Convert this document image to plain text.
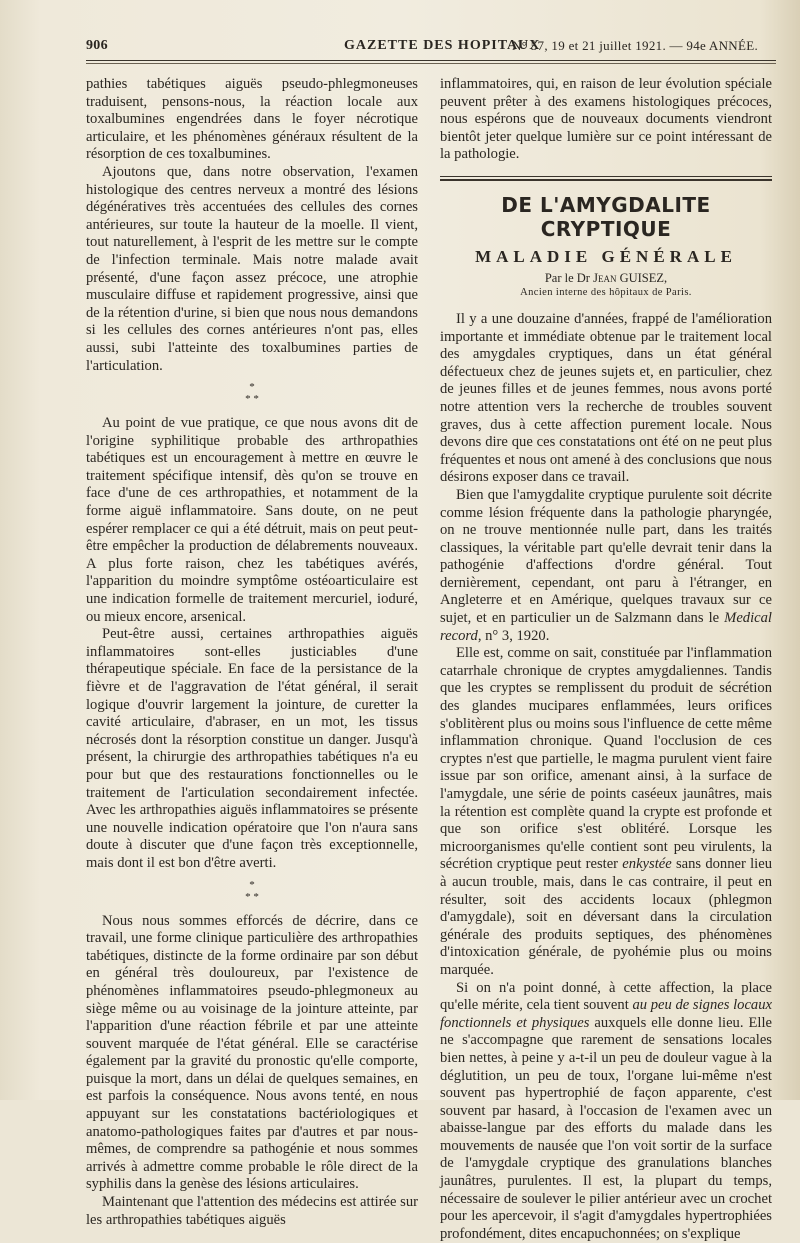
906	GAZETTE DES HOPITAUX
N° 57, 19 et 21 juillet 1921. — 94e ANNÉE.

pathies tabétiques aiguës pseudo-phlegmoneuses traduisent, pensons-nous, la réaction locale aux toxalbumines engendrées dans le foyer nécrotique articulaire, et les phénomènes généraux résultent de la résorption de ces toxalbumines.

Ajoutons que, dans notre observation, l'examen histologique des centres nerveux a montré des lésions dégénératives très accentuées des cellules des cornes antérieures, sur toute la hauteur de la moelle. Il vient, tout naturellement, à l'esprit de les mettre sur le compte de l'infection terminale. Mais notre malade avait présenté, d'une façon assez précoce, une atrophie musculaire diffuse et rapidement progressive, ainsi que de la rétention d'urine, si bien que nous nous demandons si les cellules des cornes antérieures n'ont pas, elles aussi, subi l'atteinte des toxalbumines parties de l'articulation.

*
* *

Au point de vue pratique, ce que nous avons dit de l'origine syphilitique probable des arthropathies tabétiques est un encouragement à mettre en œuvre le traitement spécifique intensif, dès qu'on se trouve en face d'une de ces arthropathies, et notamment de la forme aiguë inflammatoire. Sans doute, on ne peut espérer remplacer ce qui a été détruit, mais on peut peut-être empêcher la production de délabrements nouveaux. A plus forte raison, chez les tabétiques avérés, l'apparition du moindre symptôme ostéoarticulaire est une indication formelle de traitement mercuriel, ioduré, ou mieux encore, arsenical.

Peut-être aussi, certaines arthropathies aiguës inflammatoires sont-elles justiciables d'une thérapeutique spéciale. En face de la persistance de la fièvre et de l'aggravation de l'état général, il serait logique d'ouvrir largement la jointure, de curetter la cavité articulaire, d'abraser, en un mot, les tissus nécrosés dont la résorption constitue un danger. Jusqu'à présent, la chirurgie des arthropathies tabétiques n'a eu pour but que des restaurations fonctionnelles ou le traitement de l'articulation secondairement infectée. Avec les arthropathies aiguës inflammatoires se présente une nouvelle indication opératoire que l'on n'aura sans doute à discuter que d'une façon très exceptionnelle, mais dont il est bon d'être averti.

*
* *

Nous nous sommes efforcés de décrire, dans ce travail, une forme clinique particulière des arthropathies tabétiques, distincte de la forme ordinaire par son début en général très douloureux, par l'existence de phénomènes inflammatoires pseudo-phlegmoneux au siège même ou au voisinage de la jointure atteinte, par l'apparition d'une réaction fébrile et par une atteinte souvent marquée de l'état général. Elle se caractérise également par la gravité du pronostic qu'elle comporte, puisque la mort, dans un délai de quelques semaines, en est parfois la conséquence. Nous avons tenté, en nous appuyant sur les constatations bactériologiques et anatomo-pathologiques faites par d'autres et par nous-mêmes, de comprendre sa pathogénie et nous sommes arrivés à admettre comme probable le rôle direct de la syphilis dans la genèse des lésions articulaires.

Maintenant que l'attention des médecins est attirée sur les arthropathies tabétiques aiguës

inflammatoires, qui, en raison de leur évolution spéciale peuvent prêter à des examens histologiques précoces, nous espérons que de nouveaux documents viendront bientôt jeter quelque lumière sur ce point intéressant de la pathologie.

DE L'AMYGDALITE CRYPTIQUE
MALADIE GÉNÉRALE
Par le Dr Jean GUISEZ,
Ancien interne des hôpitaux de Paris.

Il y a une douzaine d'années, frappé de l'amélioration importante et immédiate obtenue par le traitement local des amygdales cryptiques, dans un état général défectueux chez de jeunes sujets et, en particulier, chez de jeunes filles et de jeunes femmes, nous avons porté notre attention vers la recherche de troubles souvent graves, dus à cette affection purement locale. Nous devons dire que ces constatations ont été on ne peut plus fréquentes et nous ont amené à des conclusions que nous désirons exposer dans ce travail.

Bien que l'amygdalite cryptique purulente soit décrite comme lésion fréquente dans la pathologie pharyngée, on ne trouve mentionnée nulle part, dans les traités classiques, la véritable part qu'elle devrait tenir dans la pathogénie d'affections d'ordre général. Tout dernièrement, cependant, ont paru à l'étranger, en Angleterre et en Amérique, quelques travaux sur ce sujet, et en particulier un de Salzmann dans le Medical record, n° 3, 1920.

Elle est, comme on sait, constituée par l'inflammation catarrhale chronique de cryptes amygdaliennes. Tandis que les cryptes se remplissent du produit de sécrétion des glandes mucipares enflammées, leurs orifices s'oblitèrent plus ou moins sous l'influence de cette même inflammation chronique. Quand l'occlusion de ces cryptes n'est que partielle, le magma purulent vient faire issue par son orifice, amenant ainsi, à la surface de l'amygdale, une série de points caséeux jaunâtres, mais la rétention est complète quand la crypte est profonde et que son orifice s'est oblitéré. Lorsque les microorganismes qu'elle contient sont peu virulents, la sécrétion cryptique peut rester enkystée sans donner lieu à aucun trouble, mais, dans le cas contraire, il peut en résulter, soit des accidents locaux (phlegmon d'amygdale), soit en déversant dans la circulation générale des produits septiques, des phénomènes d'intoxication générale, de pyohémie plus ou moins marquée.

Si on n'a point donné, à cette affection, la place qu'elle mérite, cela tient souvent au peu de signes locaux fonctionnels et physiques auxquels elle donne lieu. Elle ne s'accompagne que rarement de sensations locales bien nettes, à peine y a-t-il un peu de douleur vague à la déglutition, un peu de toux, l'organe lui-même n'est souvent pas hypertrophié de façon apparente, c'est souvent par hasard, à l'occasion de l'examen avec un abaisse-langue par des efforts du malade dans les mouvements de nausée que l'on voit sortir de la surface de l'amygdale cryptique des granulations blanches jaunâtres, purulentes. Il est, la plupart du temps, nécessaire de soulever le pilier antérieur avec un crochet pour les apercevoir, il s'agit d'amygdales hypertrophiées profondément, dites encapuchonnées; on s'explique
